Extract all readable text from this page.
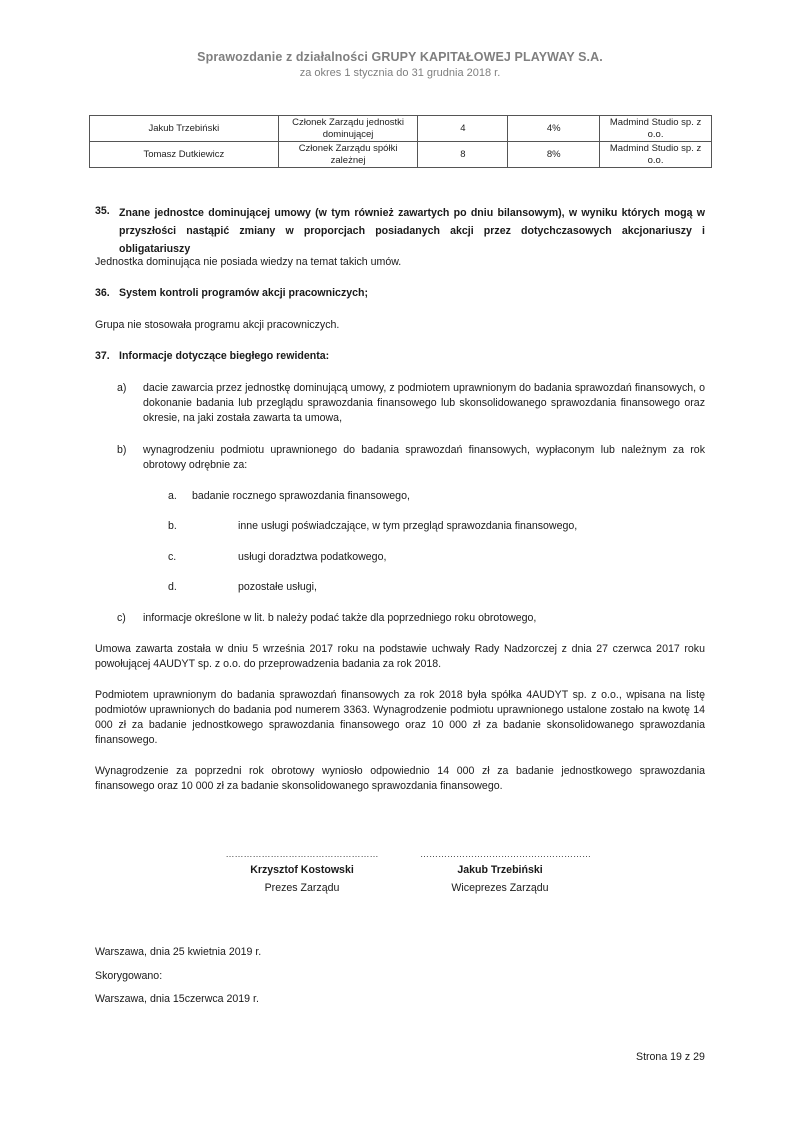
Sprawozdanie z działalności GRUPY KAPITAŁOWEJ PLAYWAY S.A.
za okres 1 stycznia do 31 grudnia 2018 r.
Jakub Trzebiński	Członek Zarządu jednostki dominującej	4	4%	Madmind Studio sp. z o.o.
Tomasz Dutkiewicz	Członek Zarządu spółki zależnej	8	8%	Madmind Studio sp. z o.o.
35. Znane jednostce dominującej umowy (w tym również zawartych po dniu bilansowym), w wyniku których mogą w przyszłości nastąpić zmiany w proporcjach posiadanych akcji przez dotychczasowych akcjonariuszy i obligatariuszy
Jednostka dominująca nie posiada wiedzy na temat takich umów.
36. System kontroli programów akcji pracowniczych;
Grupa nie stosowała programu akcji pracowniczych.
37. Informacje dotyczące biegłego rewidenta:
a)	dacie zawarcia przez jednostkę dominującą umowy, z podmiotem uprawnionym do badania sprawozdań finansowych, o dokonanie badania lub przeglądu sprawozdania finansowego lub skonsolidowanego sprawozdania finansowego oraz okresie, na jaki została zawarta ta umowa,
b)	wynagrodzeniu podmiotu uprawnionego do badania sprawozdań finansowych, wypłaconym lub należnym za rok obrotowy odrębnie za:
a. badanie rocznego sprawozdania finansowego,
b.	inne usługi poświadczające, w tym przegląd sprawozdania finansowego,
c.	usługi doradztwa podatkowego,
d.	pozostałe usługi,
c)	informacje określone w lit. b należy podać także dla poprzedniego roku obrotowego,
Umowa zawarta została w dniu 5 września 2017 roku na podstawie uchwały Rady Nadzorczej z dnia 27 czerwca 2017 roku powołującej 4AUDYT sp. z o.o. do przeprowadzenia badania za rok 2018.
Podmiotem uprawnionym do badania sprawozdań finansowych za rok 2018 była spółka 4AUDYT sp. z o.o., wpisana na listę podmiotów uprawnionych do badania pod numerem 3363. Wynagrodzenie podmiotu uprawnionego ustalone zostało na kwotę 14 000 zł za badanie jednostkowego sprawozdania finansowego oraz 10 000 zł za badanie skonsolidowanego sprawozdania finansowego.
Wynagrodzenie za poprzedni rok obrotowy wyniosło odpowiednio 14 000 zł za badanie jednostkowego sprawozdania finansowego oraz 10 000 zł za badanie skonsolidowanego sprawozdania finansowego.
……………………………………………
Krzysztof Kostowski
Prezes Zarządu
…………………………………………………
Jakub Trzebiński
Wiceprezes Zarządu
Warszawa, dnia 25 kwietnia 2019 r.
Skorygowano:
Warszawa, dnia 15czerwca 2019 r.
Strona 19 z 29
